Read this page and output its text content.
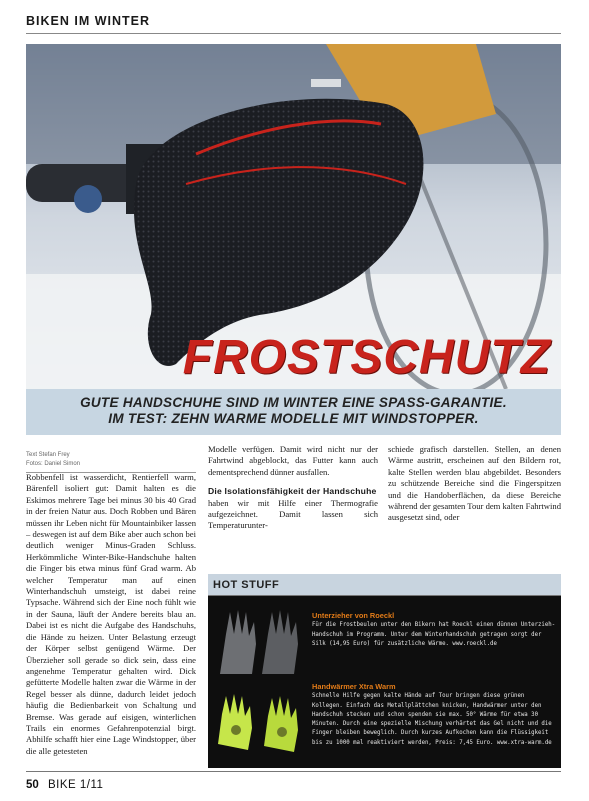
BIKEN IM WINTER
FROSTSCHUTZ
GUTE HANDSCHUHE SIND IM WINTER EINE SPASS-GARANTIE.
IM TEST: ZEHN WARME MODELLE MIT WINDSTOPPER.
Text Stefan Frey
Fotos: Daniel Simon

Robbenfell ist wasserdicht, Rentierfell warm, Bärenfell isoliert gut: Damit halten es die Eskimos mehrere Tage bei minus 30 bis 40 Grad in der freien Natur aus. Doch Robben und Bären müssen ihr Leben nicht für Mountainbiker lassen – deswegen ist auf dem Bike aber auch schon bei deutlich weniger Minus-Graden Schluss. Herkömmliche Winter-Bike-Handschuhe halten die Finger bis etwa minus fünf Grad warm. Ab welcher Temperatur man auf einen Winterhandschuh umsteigt, ist dabei reine Typsache. Während sich der Eine noch fühlt wie in der Sauna, läuft der Andere bereits blau an. Dabei ist es nicht die Aufgabe des Handschuhs, die Hände zu heizen. Unter Belastung erzeugt der Körper selbst genügend Wärme. Der Überzieher soll gerade so dick sein, dass eine angenehme Temperatur gehalten wird. Dick gefütterte Modelle halten zwar die Wärme in der Regel besser als dünne, dadurch leidet jedoch häufig die Bedienbarkeit von Schaltung und Bremse. Was gerade auf eisigen, winterlichen Trails ein enormes Gefahrenpotenzial birgt. Abhilfe schafft hier eine Lage Windstopper, über die alle getesteten

Modelle verfügen. Damit wird nicht nur der Fahrtwind abgeblockt, das Futter kann auch dementsprechend dünner ausfallen.

Die Isolationsfähigkeit der Handschuhe

haben wir mit Hilfe einer Thermografie aufgezeichnet. Damit lassen sich Temperaturunter-

schiede grafisch darstellen. Stellen, an denen Wärme austritt, erscheinen auf den Bildern rot, kalte Stellen werden blau abgebildet. Besonders zu schützende Bereiche sind die Fingerspitzen und die Handoberflächen, da diese Bereiche während der gesamten Tour dem kalten Fahrtwind ausgesetzt sind, oder

HOT STUFF
Unterzieher von Roeckl
Für die Frostbeulen unter den Bikern hat Roeckl einen dünnen Unterzieh-Handschuh im Programm. Unter dem Winterhandschuh getragen sorgt der Silk (14,95 Euro) für zusätzliche Wärme. www.roeckl.de
Handwärmer Xtra Warm
Schnelle Hilfe gegen kalte Hände auf Tour bringen diese grünen Kollegen. Einfach das Metallplättchen knicken, Handwärmer unter den Handschuh stecken und schon spenden sie max. 50° Wärme für etwa 30 Minuten. Durch eine spezielle Mischung verhärtet das Gel nicht und die Finger bleiben beweglich. Durch kurzes Aufkochen kann die Flüssigkeit bis zu 1000 mal reaktiviert werden, Preis: 7,45 Euro. www.xtra-warm.de
50 BIKE 1/11
